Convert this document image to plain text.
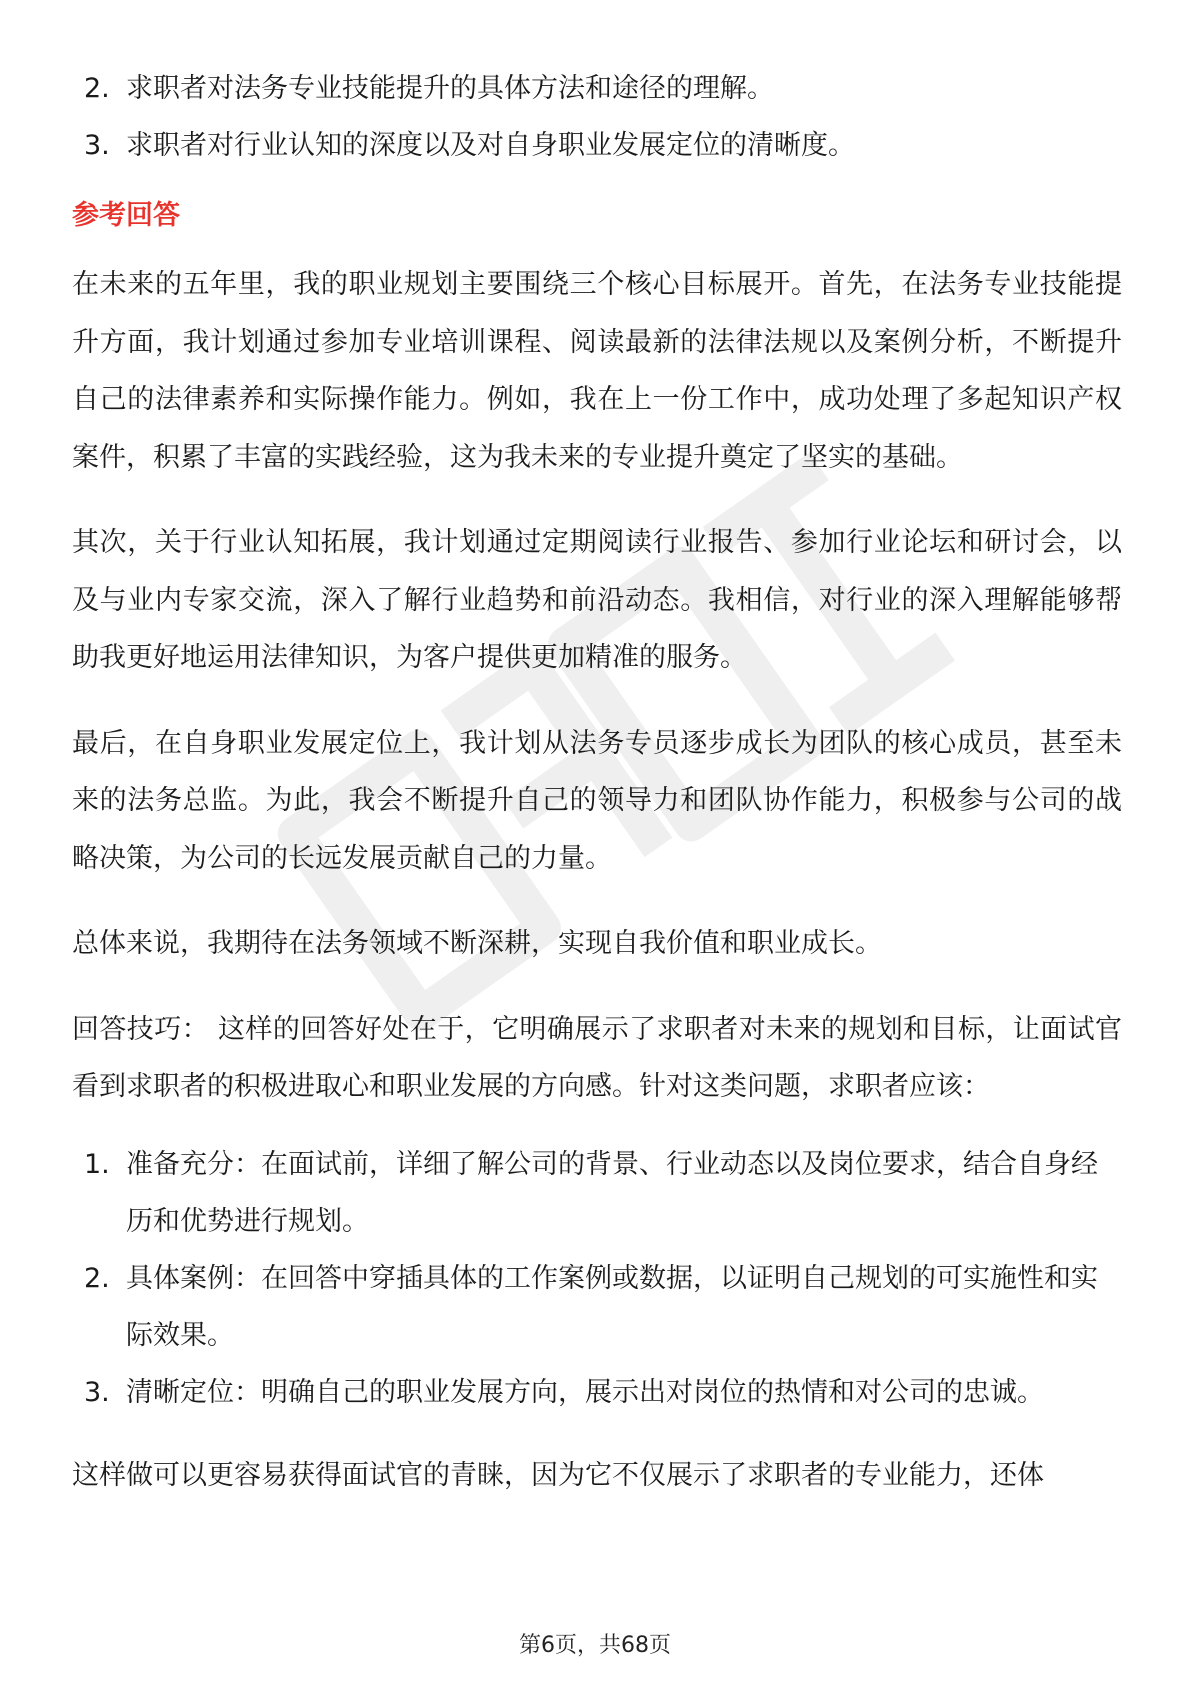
2. 求职者对法务专业技能提升的具体方法和途径的理解。
3. 求职者对行业认知的深度以及对自身职业发展定位的清晰度。
参考回答

在未来的五年里，我的职业规划主要围绕三个核心目标展开。首先，在法务专业技能提升方面，我计划通过参加专业培训课程、阅读最新的法律法规以及案例分析，不断提升自己的法律素养和实际操作能力。例如，我在上一份工作中，成功处理了多起知识产权案件，积累了丰富的实践经验，这为我未来的专业提升奠定了坚实的基础。

其次，关于行业认知拓展，我计划通过定期阅读行业报告、参加行业论坛和研讨会，以及与业内专家交流，深入了解行业趋势和前沿动态。我相信，对行业的深入理解能够帮助我更好地运用法律知识，为客户提供更加精准的服务。

最后，在自身职业发展定位上，我计划从法务专员逐步成长为团队的核心成员，甚至未来的法务总监。为此，我会不断提升自己的领导力和团队协作能力，积极参与公司的战略决策，为公司的长远发展贡献自己的力量。

总体来说，我期待在法务领域不断深耕，实现自我价值和职业成长。

回答技巧： 这样的回答好处在于，它明确展示了求职者对未来的规划和目标，让面试官看到求职者的积极进取心和职业发展的方向感。针对这类问题，求职者应该：

1. 准备充分：在面试前，详细了解公司的背景、行业动态以及岗位要求，结合自身经历和优势进行规划。
2. 具体案例：在回答中穿插具体的工作案例或数据，以证明自己规划的可实施性和实际效果。
3. 清晰定位：明确自己的职业发展方向，展示出对岗位的热情和对公司的忠诚。

这样做可以更容易获得面试官的青睐，因为它不仅展示了求职者的专业能力，还体

第6页，共68页
